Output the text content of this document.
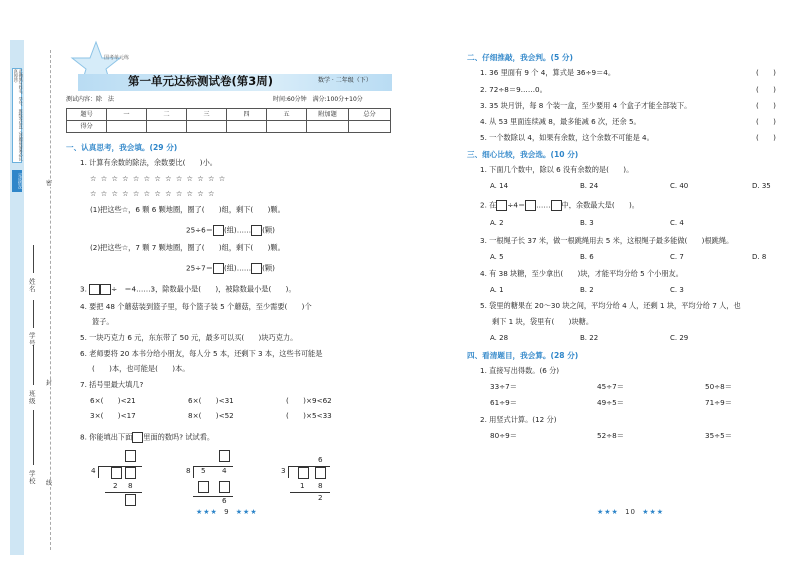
正确填写姓名、学号、班级等信息（答题前请务必认真阅读）
完成情况
学校
班级
学号
姓名
密
封
线
国考单元练
第一单元达标测试卷(第3周)	数学 · 二年级（下）
测试内容：除　法	时间:60分钟　满分:100分+10分
题号	一	二	三	四	五	附加题	总分
得分							
一、认真思考，我会填。(29 分)
1. 计算有余数的除法，余数要比(　　)小。
☆ ☆ ☆ ☆ ☆ ☆ ☆ ☆ ☆ ☆ ☆ ☆ ☆
☆ ☆ ☆ ☆ ☆ ☆ ☆ ☆ ☆ ☆ ☆ ☆
(1)把这些☆，6 颗 6 颗地圈，圈了(　　)组，剩下(　　)颗。
25÷6＝ (组)…… (颗)
(2)把这些☆，7 颗 7 颗地圈，圈了(　　)组，剩下(　　)颗。
25÷7＝ (组)…… (颗)
3.	÷　＝4……3，除数最小是(　　)，被除数最小是(　　)。
4. 要把 48 个蘑菇装到篮子里，每个篮子装 5 个蘑菇，至少需要(　　)个
篮子。
5. 一块巧克力 6 元，东东带了 50 元，最多可以买(　　)块巧克力。
6. 老师要将 20 本书分给小朋友，每人分 5 本，还剩下 3 本，这些书可能是
(　　)本，也可能是(　　)本。
7. 括号里最大填几?
6×(　　)<21	6×(　　)<31	(　　)×9<62
3×(　　)<17	8×(　　)<52	(　　)×5<33
8. 你能填出下面 里面的数吗? 试试看。
4
2 8
8 5 4
6
6
3
1 8
2
★★★ 9 ★★★
二、仔细推敲，我会判。(5 分)
1. 36 里面有 9 个 4，算式是 36÷9＝4。
2. 72÷8＝9……0。
3. 35 块月饼，每 8 个装一盒，至少要用 4 个盒子才能全部装下。
4. 从 53 里面连续减 8，最多能减 6 次，还余 5。
5. 一个数除以 4，如果有余数，这个余数不可能是 4。
(　　)
(　　)
(　　)
(　　)
(　　)
三、细心比较，我会选。(10 分)
1. 下面几个数中，除以 6 没有余数的是(　　)。
A. 14	B. 24	C. 40	D. 35
2. 在 ÷4＝ …… 中，余数最大是(　　)。
A. 2	B. 3	C. 4
3. 一根绳子长 37 米，做一根跳绳用去 5 米，这根绳子最多能做(　　)根跳绳。
A. 5	B. 6	C. 7	D. 8
4. 有 38 块糖，至少拿出(　　)块，才能平均分给 5 个小朋友。
A. 1	B. 2	C. 3
5. 袋里的糖果在 20～30 块之间，平均分给 4 人，还剩 1 块，平均分给 7 人，也
剩下 1 块，袋里有(　　)块糖。
A. 28	B. 22	C. 29
四、看清题目，我会算。(28 分)
1. 直接写出得数。(6 分)
33÷7＝	45÷7＝	50÷8＝
61÷9＝	49÷5＝	71÷9＝
2. 用竖式计算。(12 分)
80÷9＝	52÷8＝	35÷5＝
★★★ 10 ★★★
